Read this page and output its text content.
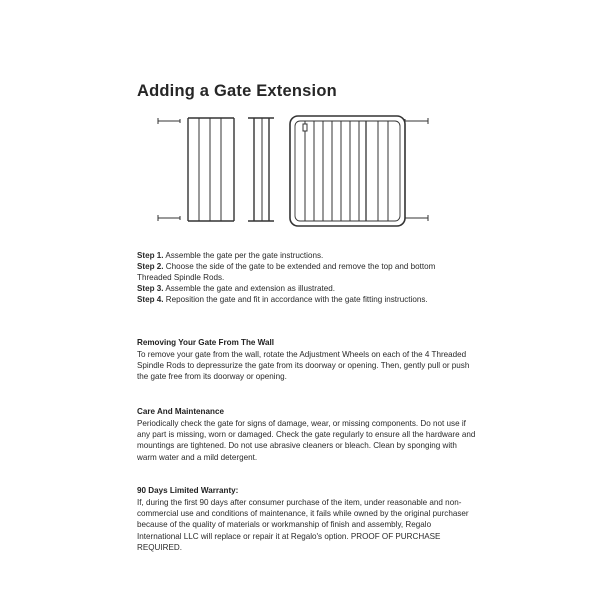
Adding a Gate Extension

Step 1. Assemble the gate per the gate instructions.

Step 2. Choose the side of the gate to be extended and remove the top and bottom Threaded Spindle Rods.

Step 3. Assemble the gate and extension as illustrated.

Step 4. Reposition the gate and fit in accordance with the gate fitting instructions.

Removing Your Gate From The Wall
To remove your gate from the wall, rotate the Adjustment Wheels on each of the 4 Threaded Spindle Rods to depressurize the gate from its doorway or opening. Then, gently pull or push the gate free from its doorway or opening.
Care And Maintenance
Periodically check the gate for signs of damage, wear, or missing components. Do not use if any part is missing, worn or damaged. Check the gate regularly to ensure all the hardware and mountings are tightened. Do not use abrasive cleaners or bleach. Clean by sponging with warm water and a mild detergent.
90 Days Limited Warranty:
If, during the first 90 days after consumer purchase of the item, under reasonable and non-commercial use and conditions of maintenance, it fails while owned by the original purchaser because of the quality of materials or workmanship of finish and assembly, Regalo International LLC will replace or repair it at Regalo's option. PROOF OF PURCHASE REQUIRED.
